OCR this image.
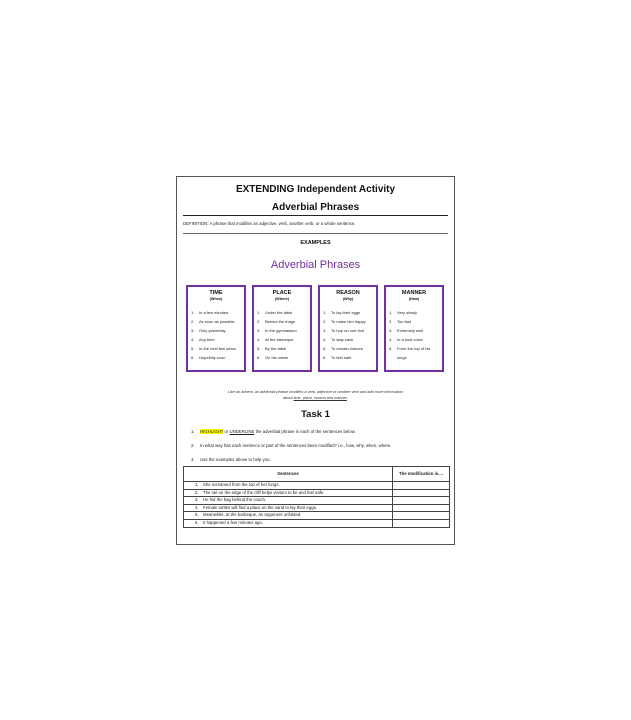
EXTENDING Independent Activity
Adverbial Phrases
DEFINITION: A phrase that modifies an adjective, verb, another verb, or a whole sentence.
EXAMPLES
Adverbial Phrases
TIME
(When)
1. In a few minutes
2. As soon as possible
3. Only yesterday
4. Any time
5. In the next few years
6. Hopefully soon
PLACE
(Where)
1. Under the table
2. Behind the fridge
3. In the gymnasium
4. At the barbeque
5. By the table
6. On his cheek
REASON
(Why)
1. To lay their eggs
2. To make him happy
3. To hop on one foot
4. To stay calm
5. To remain indoors
6. To feel safe
MANNER
(How)
1. Very slowly
2. Too fast
3. Extremely well
4. In a loud voice
5. From the top of his
lungs
Like an adverb, an adverbial phrase modifies a verb, adjective or another verb and add more information
about time, place, reason and manner.
Task 1
1. HIGHLIGHT or UNDERLINE the adverbial phrase in each of the sentences below.
2. In what way has each sentence or part of the sentences been modified? i.e., how, why, when, where.
3. Use the examples above to help you.
Sentences	The modification is....
1. She screamed from the top of her lungs.	
2. The rail on the edge of the cliff helps visitors to be and feel safe.	
3. He hid the bag behind the couch.	
4. Female turtles will find a place on the sand to lay their eggs.	
5. Meanwhile, at the barbeque, an argument unfolded.	
6. It happened a few minutes ago.	
